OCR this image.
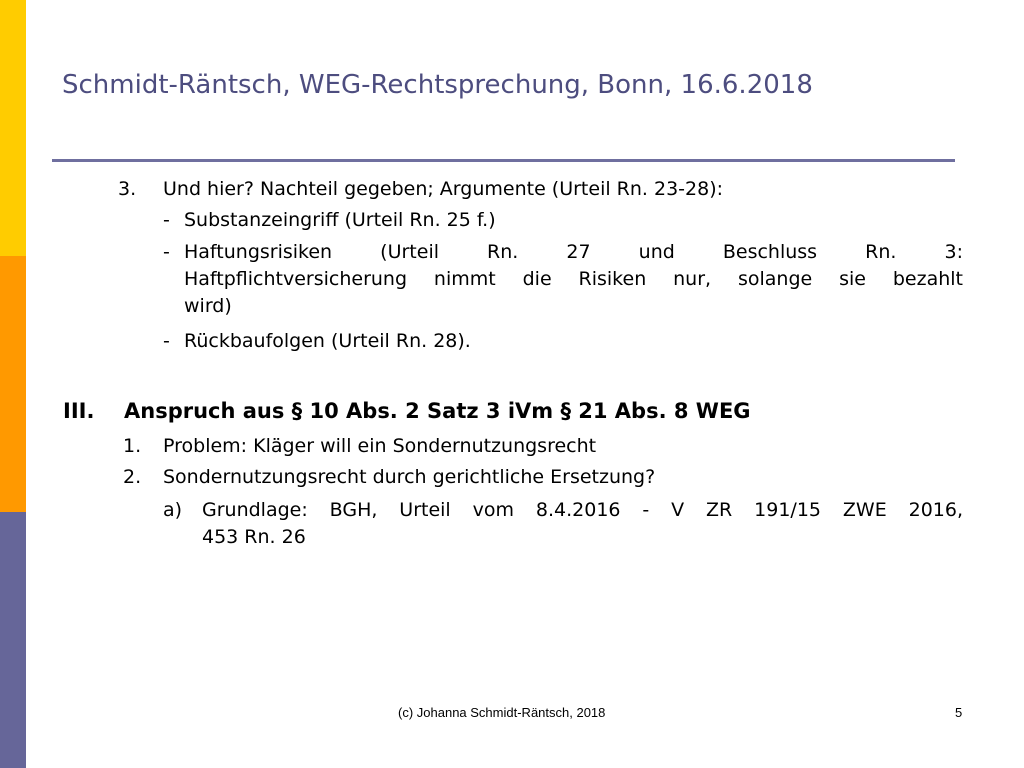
Schmidt-Räntsch, WEG-Rechtsprechung, Bonn, 16.6.2018
3. Und hier? Nachteil gegeben; Argumente (Urteil Rn. 23-28):
- Substanzeingriff (Urteil Rn. 25 f.)
- Haftungsrisiken (Urteil Rn. 27 und Beschluss Rn. 3:
Haftpflichtversicherung nimmt die Risiken nur, solange sie bezahlt
wird)
- Rückbaufolgen (Urteil Rn. 28).
III. Anspruch aus § 10 Abs. 2 Satz 3 iVm § 21 Abs. 8 WEG
1. Problem: Kläger will ein Sondernutzungsrecht
2. Sondernutzungsrecht durch gerichtliche Ersetzung?
a) Grundlage: BGH, Urteil vom 8.4.2016 - V ZR 191/15 ZWE 2016,
453 Rn. 26
(c) Johanna Schmidt-Räntsch, 2018	5
